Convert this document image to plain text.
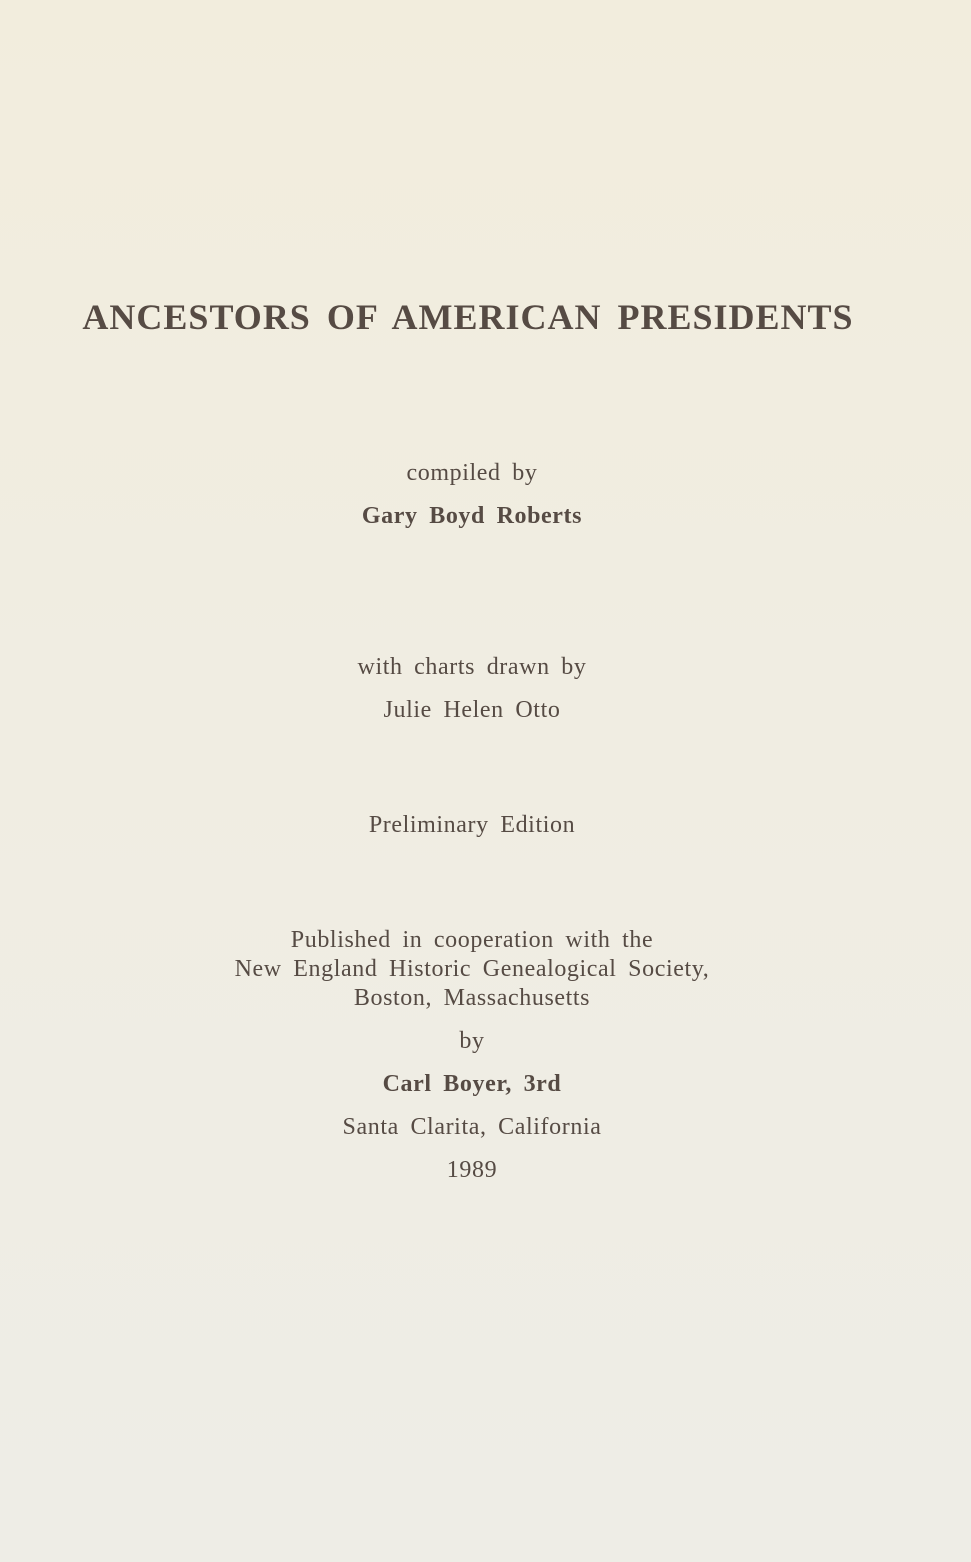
ANCESTORS OF AMERICAN PRESIDENTS
compiled by
Gary Boyd Roberts
with charts drawn by
Julie Helen Otto
Preliminary Edition
Published in cooperation with the
New England Historic Genealogical Society,
Boston, Massachusetts
by
Carl Boyer, 3rd
Santa Clarita, California
1989
